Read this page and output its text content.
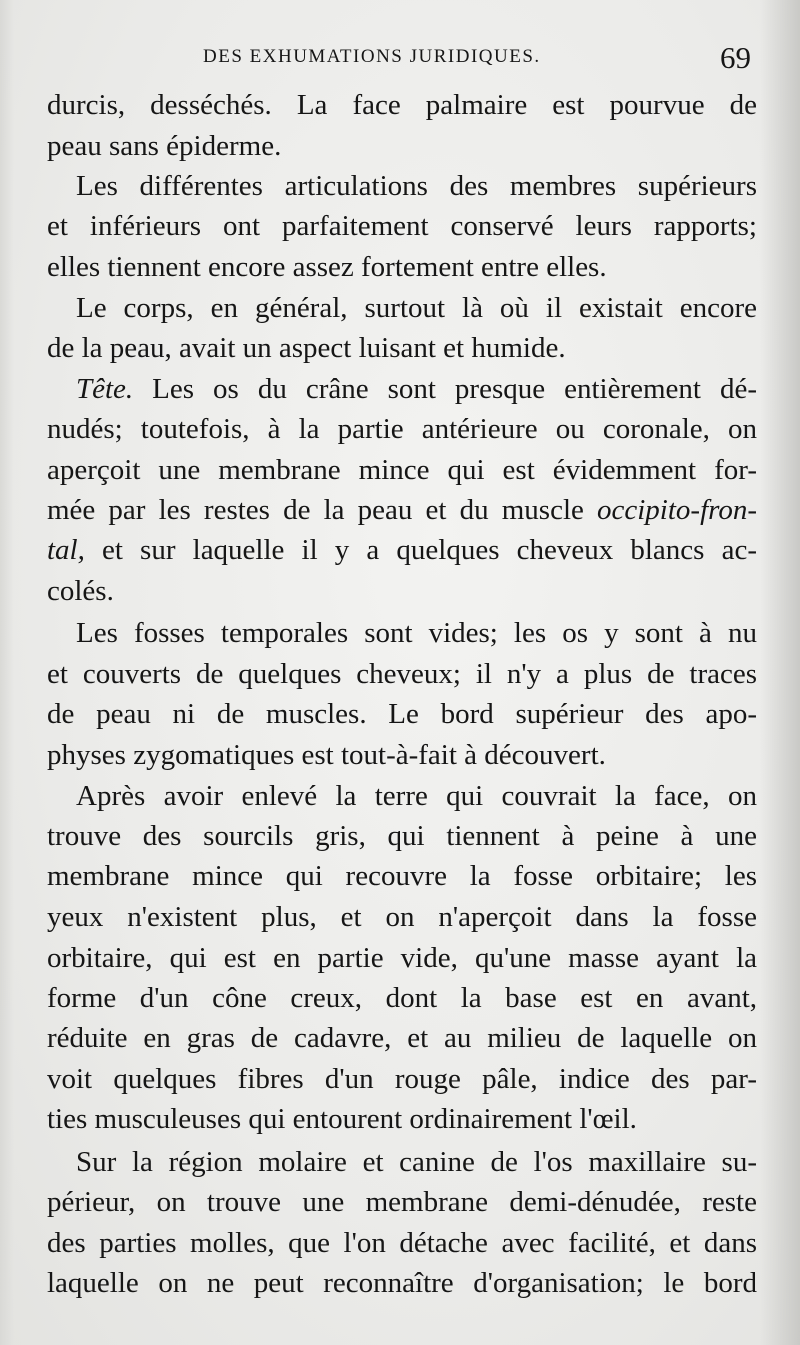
DES EXHUMATIONS JURIDIQUES.	69
durcis, desséchés. La face palmaire est pourvue de
peau sans épiderme.
Les différentes articulations des membres supérieurs
et inférieurs ont parfaitement conservé leurs rapports;
elles tiennent encore assez fortement entre elles.
Le corps, en général, surtout là où il existait encore
de la peau, avait un aspect luisant et humide.
Tête. Les os du crâne sont presque entièrement dé-
nudés; toutefois, à la partie antérieure ou coronale, on
aperçoit une membrane mince qui est évidemment for-
mée par les restes de la peau et du muscle occipito-fron-
tal, et sur laquelle il y a quelques cheveux blancs ac-
colés.
Les fosses temporales sont vides; les os y sont à nu
et couverts de quelques cheveux; il n'y a plus de traces
de peau ni de muscles. Le bord supérieur des apo-
physes zygomatiques est tout-à-fait à découvert.
Après avoir enlevé la terre qui couvrait la face, on
trouve des sourcils gris, qui tiennent à peine à une
membrane mince qui recouvre la fosse orbitaire; les
yeux n'existent plus, et on n'aperçoit dans la fosse
orbitaire, qui est en partie vide, qu'une masse ayant la
forme d'un cône creux, dont la base est en avant,
réduite en gras de cadavre, et au milieu de laquelle on
voit quelques fibres d'un rouge pâle, indice des par-
ties musculeuses qui entourent ordinairement l'œil.
Sur la région molaire et canine de l'os maxillaire su-
périeur, on trouve une membrane demi-dénudée, reste
des parties molles, que l'on détache avec facilité, et dans
laquelle on ne peut reconnaître d'organisation; le bord
